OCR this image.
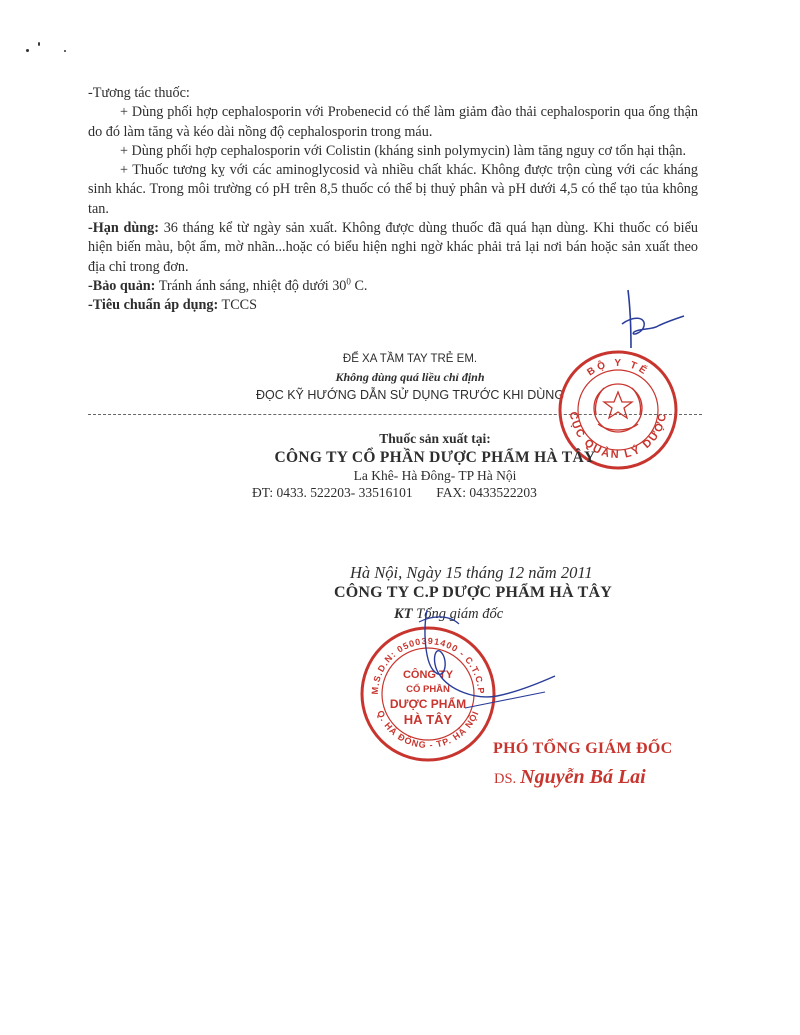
-Tương tác thuốc:

+ Dùng phối hợp cephalosporin với Probenecid có thể làm giảm đào thải cephalosporin qua ống thận do đó làm tăng và kéo dài nồng độ cephalosporin trong máu.

+ Dùng phối hợp cephalosporin với Colistin (kháng sinh polymycin) làm tăng nguy cơ tổn hại thận.

+ Thuốc tương kỵ với các aminoglycosid và nhiều chất khác. Không được trộn cùng với các kháng sinh khác. Trong môi trường có pH trên 8,5 thuốc có thể bị thuỷ phân và pH dưới 4,5 có thể tạo tủa không tan.

-Hạn dùng: 36 tháng kể từ ngày sản xuất. Không được dùng thuốc đã quá hạn dùng. Khi thuốc có biểu hiện biến màu, bột ẩm, mờ nhãn...hoặc có biểu hiện nghi ngờ khác phải trả lại nơi bán hoặc sản xuất theo địa chỉ trong đơn.

-Bảo quản: Tránh ánh sáng, nhiệt độ dưới $30^0$ C.

-Tiêu chuẩn áp dụng: TCCS

ĐỂ XA TẦM TAY TRẺ EM.
Không dùng quá liều chỉ định
ĐỌC KỸ HƯỚNG DẪN SỬ DỤNG TRƯỚC KHI DÙNG
BỘ Y TẾ
CỤC QUẢN LÝ DƯỢC
Thuốc sản xuất tại:
CÔNG TY CỔ PHẦN DƯỢC PHẨM HÀ TÂY
La Khê- Hà Đông- TP Hà Nội
ĐT: 0433. 522203- 33516101 FAX: 0433522203
Hà Nội, Ngày 15 tháng 12 năm 2011
CÔNG TY C.P DƯỢC PHẨM HÀ TÂY
KT Tổng giám đốc
M.S.D.N: 0500391400 - C.T.C.P
Q. HÀ ĐÔNG - TP. HÀ NỘI
CÔNG TY
CỔ PHẦN
DƯỢC PHẨM
HÀ TÂY
PHÓ TỔNG GIÁM ĐỐC
DS. Nguyễn Bá Lai
